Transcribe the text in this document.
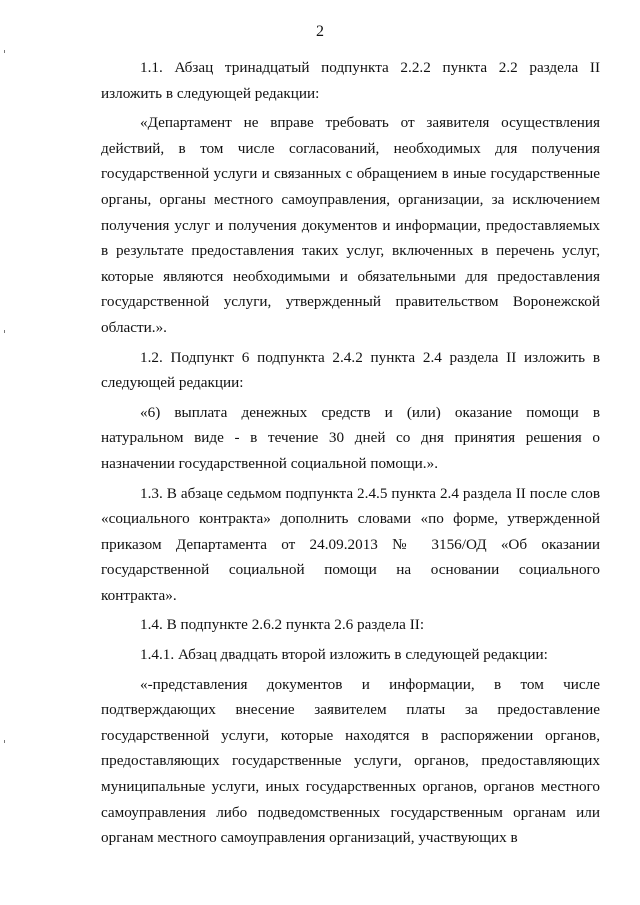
2

1.1. Абзац тринадцатый подпункта 2.2.2 пункта 2.2 раздела II изложить в следующей редакции:

«Департамент не вправе требовать от заявителя осуществления действий, в том числе согласований, необходимых для получения государственной услуги и связанных с обращением в иные государственные органы, органы местного самоуправления, организации, за исключением получения услуг и получения документов и информации, предоставляемых в результате предоставления таких услуг, включенных в перечень услуг, которые являются необходимыми и обязательными для предоставления государственной услуги, утвержденный правительством Воронежской области.».

1.2. Подпункт 6 подпункта 2.4.2 пункта 2.4 раздела II изложить в следующей редакции:

«6) выплата денежных средств и (или) оказание помощи в натуральном виде - в течение 30 дней со дня принятия решения о назначении государственной социальной помощи.».

1.3. В абзаце седьмом подпункта 2.4.5 пункта 2.4 раздела II после слов «социального контракта» дополнить словами «по форме, утвержденной приказом Департамента от 24.09.2013 № 3156/ОД «Об оказании государственной социальной помощи на основании социального контракта».

1.4. В подпункте 2.6.2 пункта 2.6 раздела II:

1.4.1. Абзац двадцать второй изложить в следующей редакции:

«-представления документов и информации, в том числе подтверждающих внесение заявителем платы за предоставление государственной услуги, которые находятся в распоряжении органов, предоставляющих государственные услуги, органов, предоставляющих муниципальные услуги, иных государственных органов, органов местного самоуправления либо подведомственных государственным органам или органам местного самоуправления организаций, участвующих в
